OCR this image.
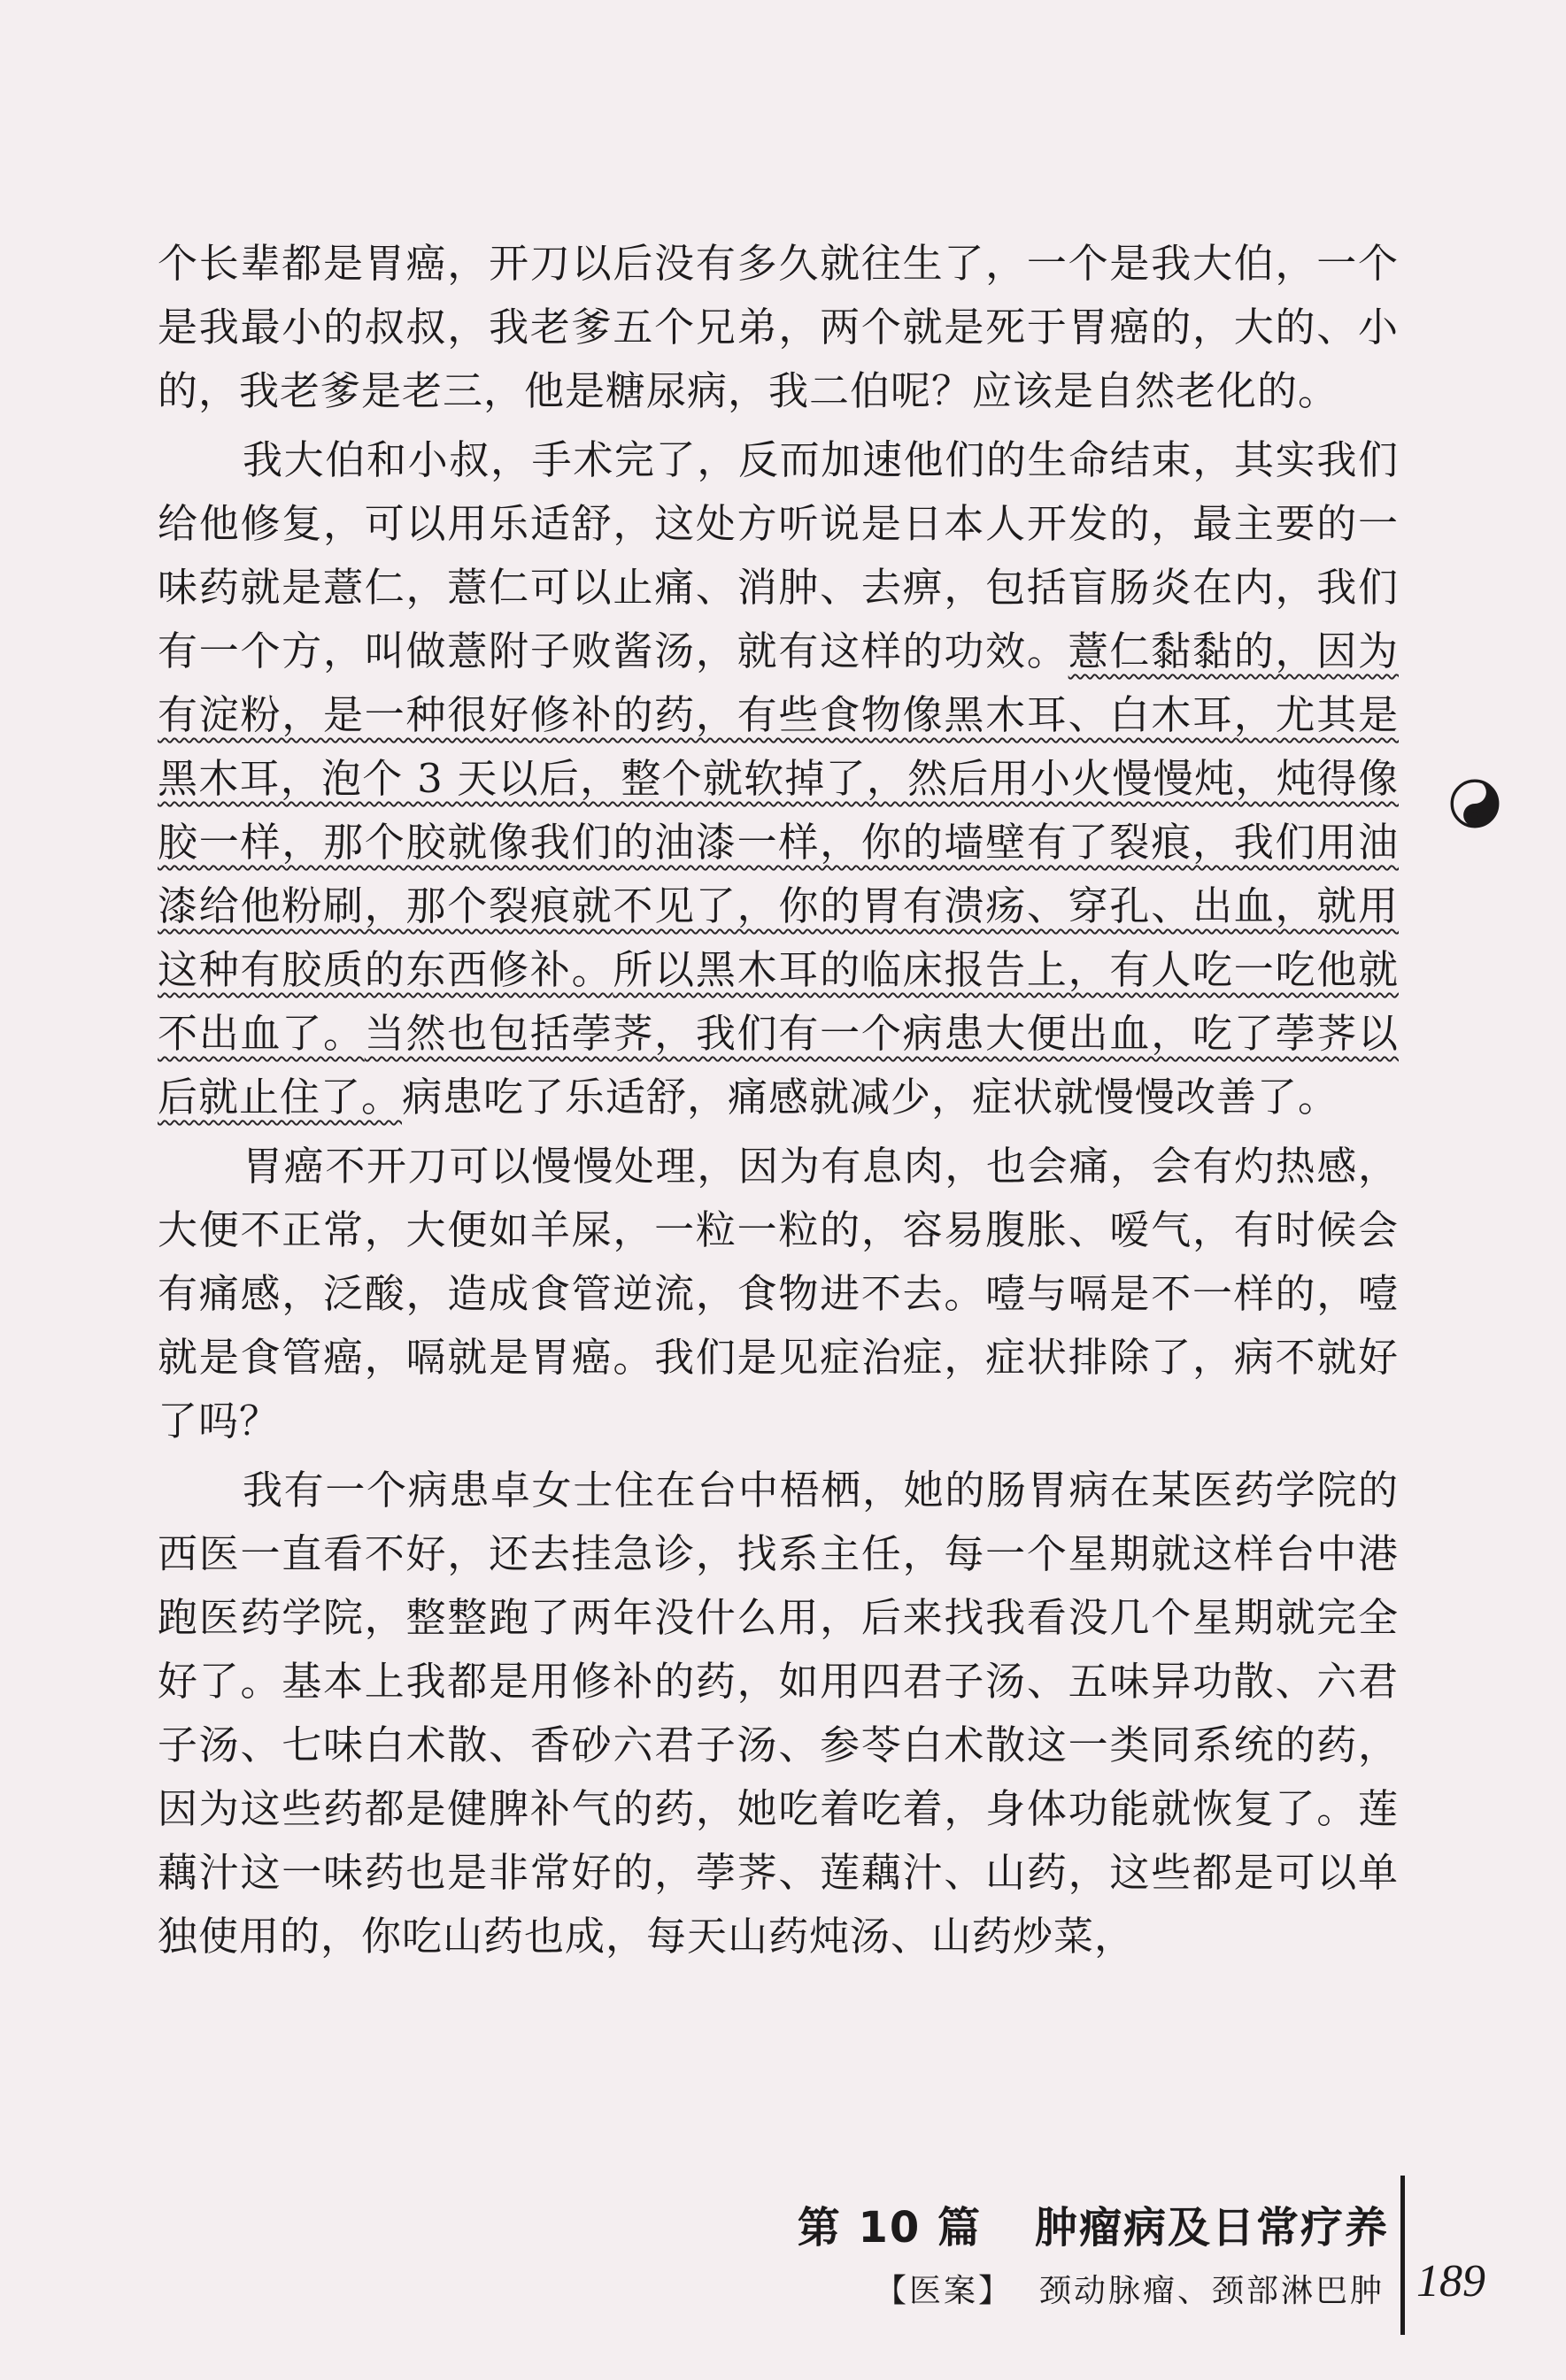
个长辈都是胃癌，开刀以后没有多久就往生了，一个是我大伯，一个是我最小的叔叔，我老爹五个兄弟，两个就是死于胃癌的，大的、小的，我老爹是老三，他是糖尿病，我二伯呢？应该是自然老化的。

我大伯和小叔，手术完了，反而加速他们的生命结束，其实我们给他修复，可以用乐适舒，这处方听说是日本人开发的，最主要的一味药就是薏仁，薏仁可以止痛、消肿、去痹，包括盲肠炎在内，我们有一个方，叫做薏附子败酱汤，就有这样的功效。薏仁黏黏的，因为有淀粉，是一种很好修补的药，有些食物像黑木耳、白木耳，尤其是黑木耳，泡个 3 天以后，整个就软掉了，然后用小火慢慢炖，炖得像胶一样，那个胶就像我们的油漆一样，你的墙壁有了裂痕，我们用油漆给他粉刷，那个裂痕就不见了，你的胃有溃疡、穿孔、出血，就用这种有胶质的东西修补。所以黑木耳的临床报告上，有人吃一吃他就不出血了。当然也包括荸荠，我们有一个病患大便出血，吃了荸荠以后就止住了。病患吃了乐适舒，痛感就减少，症状就慢慢改善了。

胃癌不开刀可以慢慢处理，因为有息肉，也会痛，会有灼热感，大便不正常，大便如羊屎，一粒一粒的，容易腹胀、嗳气，有时候会有痛感，泛酸，造成食管逆流，食物进不去。噎与嗝是不一样的，噎就是食管癌，嗝就是胃癌。我们是见症治症，症状排除了，病不就好了吗？

我有一个病患卓女士住在台中梧栖，她的肠胃病在某医药学院的西医一直看不好，还去挂急诊，找系主任，每一个星期就这样台中港跑医药学院，整整跑了两年没什么用，后来找我看没几个星期就完全好了。基本上我都是用修补的药，如用四君子汤、五味异功散、六君子汤、七味白术散、香砂六君子汤、参苓白术散这一类同系统的药，因为这些药都是健脾补气的药，她吃着吃着，身体功能就恢复了。莲藕汁这一味药也是非常好的，荸荠、莲藕汁、山药，这些都是可以单独使用的，你吃山药也成，每天山药炖汤、山药炒菜，

第 10 篇 肿瘤病及日常疗养
【医案】 颈动脉瘤、颈部淋巴肿 189
